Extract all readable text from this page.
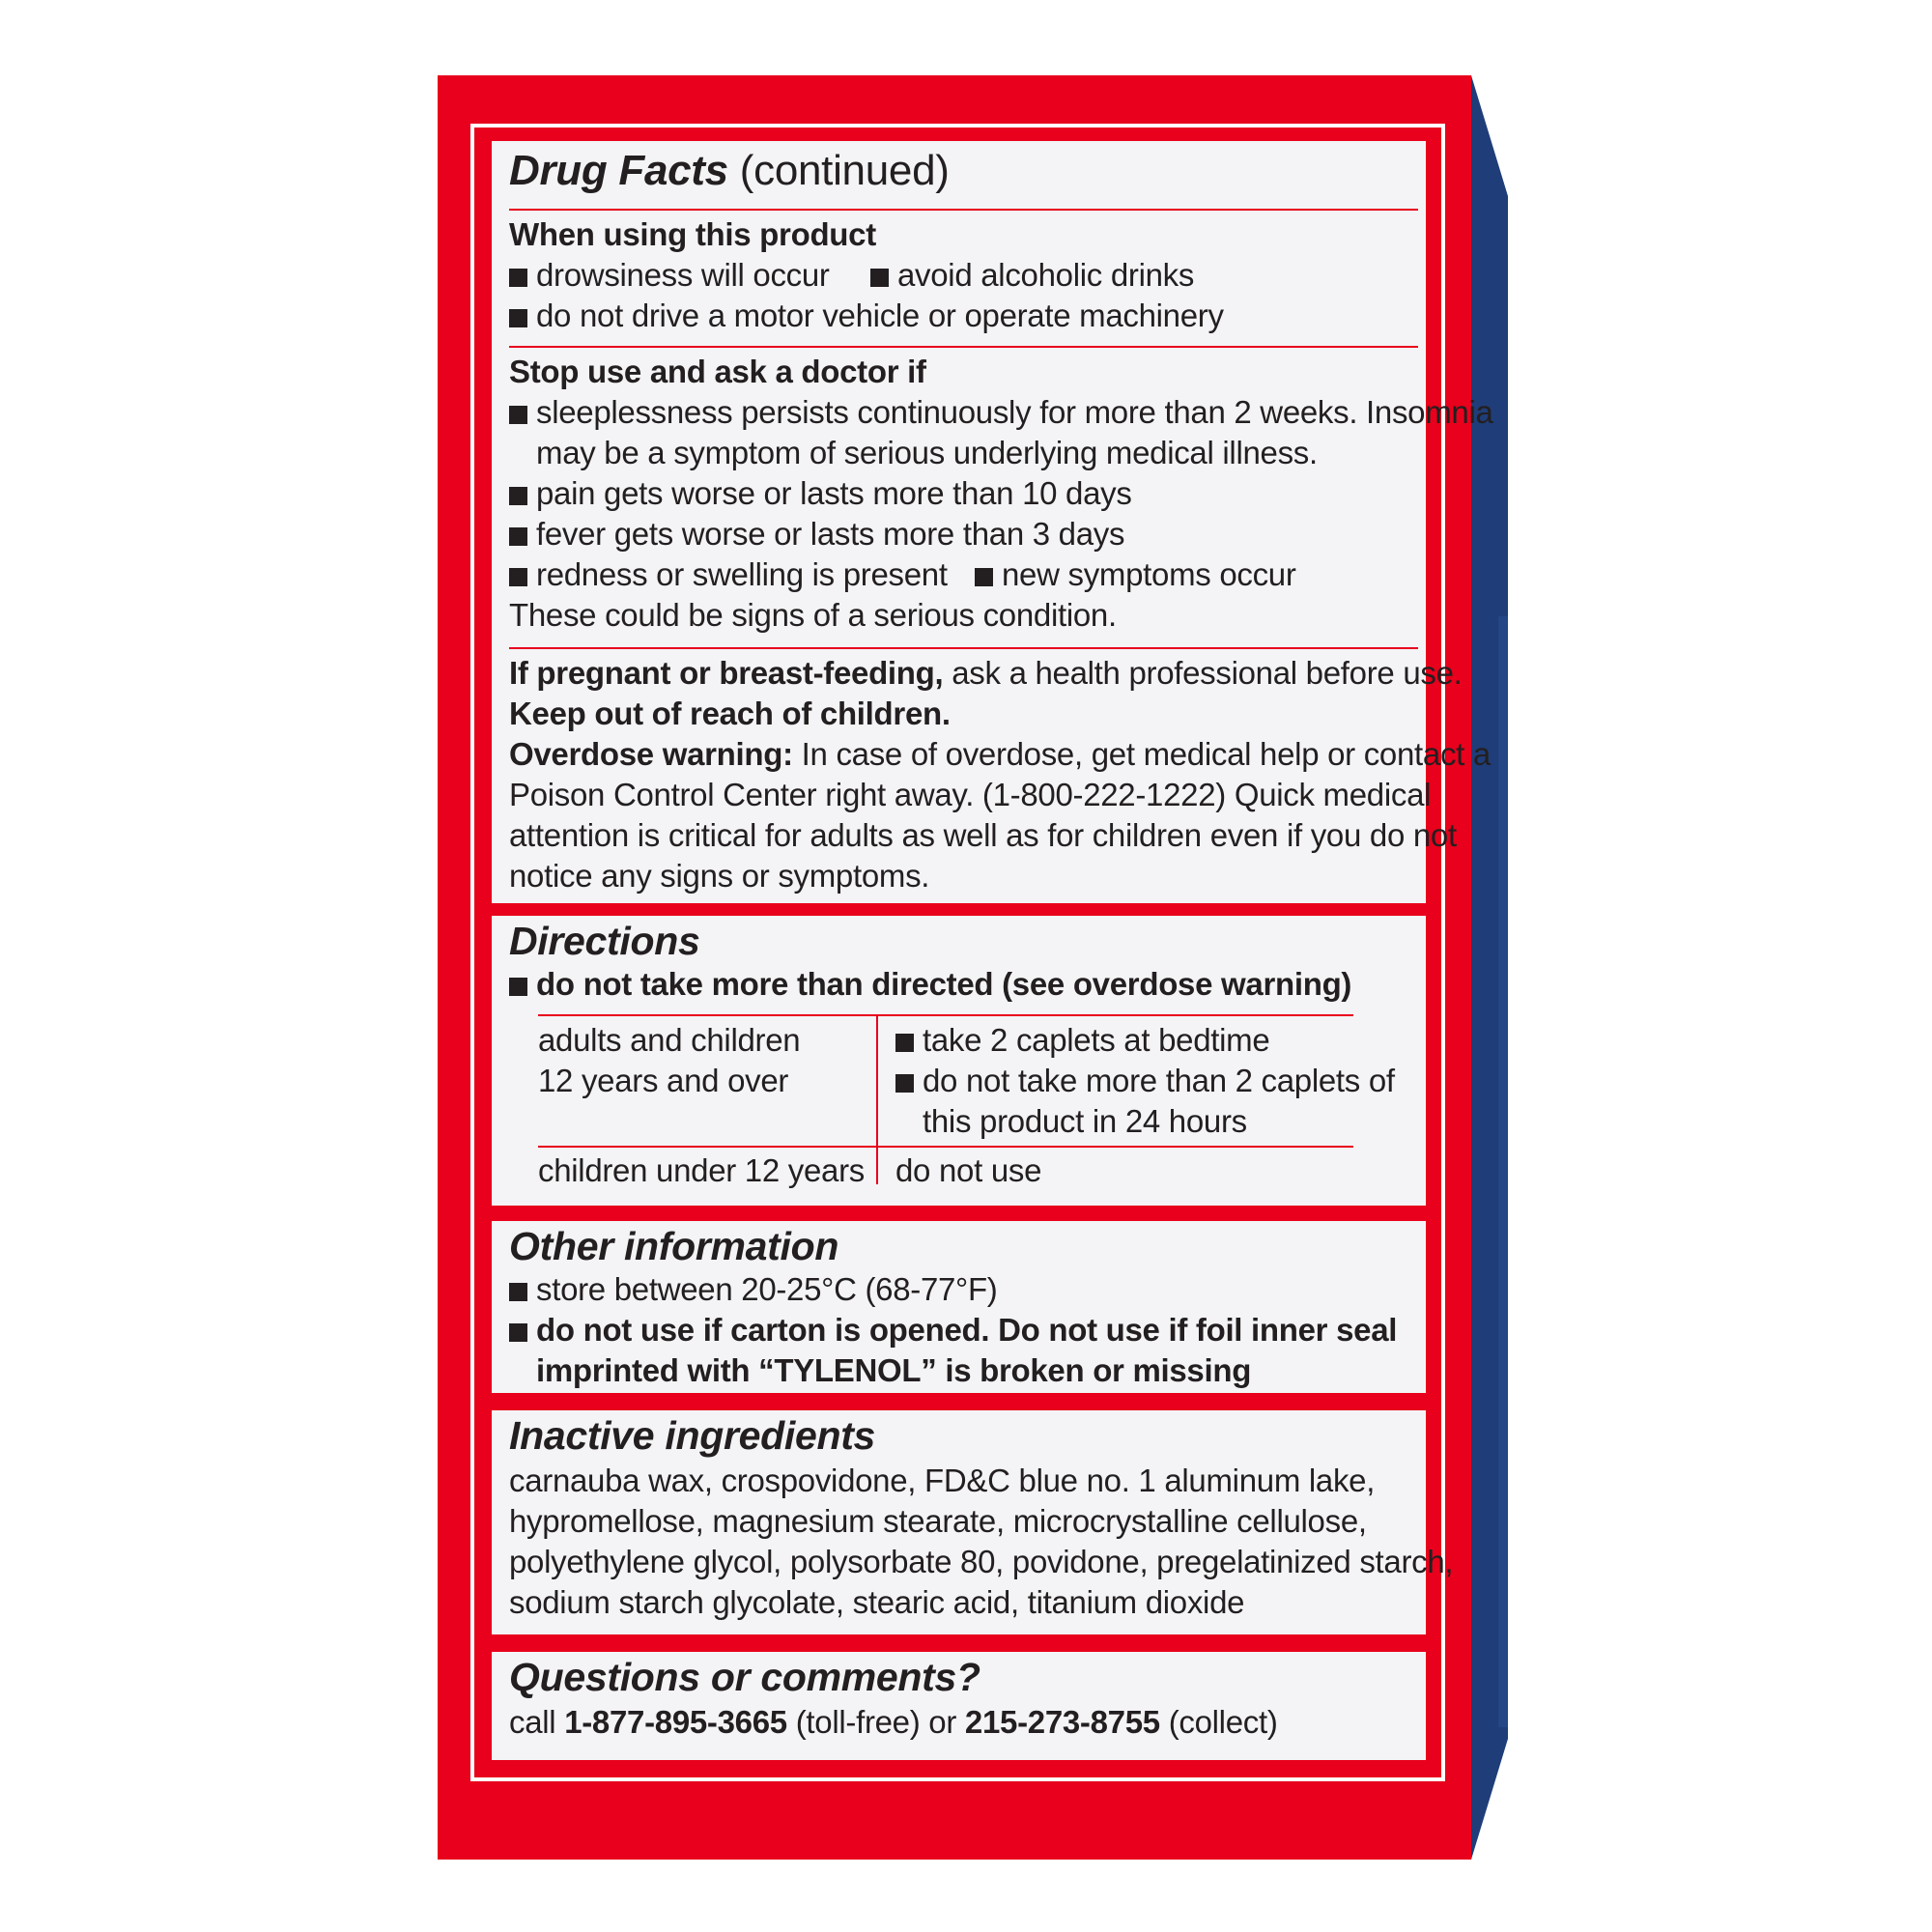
Drug Facts (continued)
When using this product
drowsiness will occur	avoid alcoholic drinks
do not drive a motor vehicle or operate machinery
Stop use and ask a doctor if
sleeplessness persists continuously for more than 2 weeks. Insomnia
may be a symptom of serious underlying medical illness.
pain gets worse or lasts more than 10 days
fever gets worse or lasts more than 3 days
redness or swelling is present	new symptoms occur
These could be signs of a serious condition.
If pregnant or breast-feeding, ask a health professional before use.
Keep out of reach of children.
Overdose warning: In case of overdose, get medical help or contact a
Poison Control Center right away. (1-800-222-1222) Quick medical
attention is critical for adults as well as for children even if you do not
notice any signs or symptoms.
Directions
do not take more than directed (see overdose warning)
adults and children
12 years and over
take 2 caplets at bedtime
do not take more than 2 caplets of
this product in 24 hours
children under 12 years do not use
Other information
store between 20-25°C (68-77°F)
do not use if carton is opened. Do not use if foil inner seal
imprinted with “TYLENOL” is broken or missing
Inactive ingredients
carnauba wax, crospovidone, FD&C blue no. 1 aluminum lake,
hypromellose, magnesium stearate, microcrystalline cellulose,
polyethylene glycol, polysorbate 80, povidone, pregelatinized starch,
sodium starch glycolate, stearic acid, titanium dioxide
Questions or comments?
call 1-877-895-3665 (toll-free) or 215-273-8755 (collect)
